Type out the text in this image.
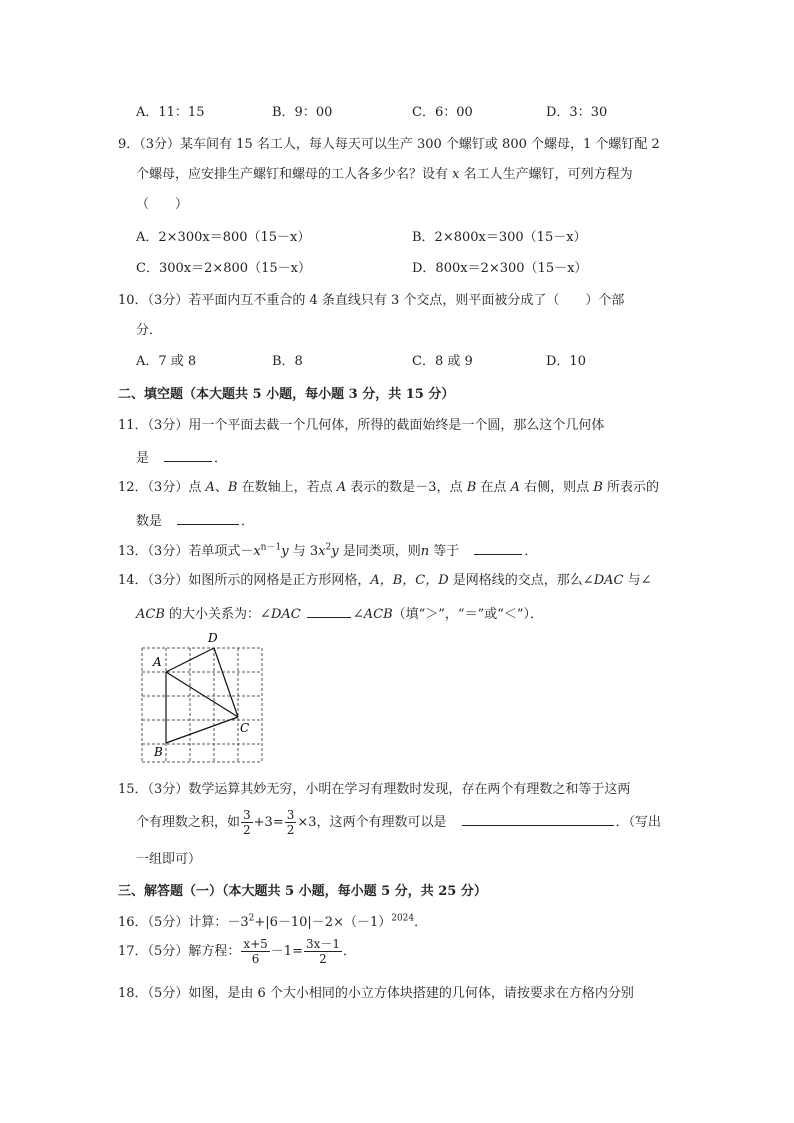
A．11：15	B．9：00	C．6：00	D．3：30
9．（3分）某车间有 15 名工人，每人每天可以生产 300 个螺钉或 800 个螺母，1 个螺钉配 2
个螺母，应安排生产螺钉和螺母的工人各多少名？设有 x 名工人生产螺钉，可列方程为
（　　）
A．2×300x＝800（15－x）	B．2×800x＝300（15－x）
C．300x＝2×800（15－x）	D．800x＝2×300（15－x）
10．（3分）若平面内互不重合的 4 条直线只有 3 个交点，则平面被分成了（　　）个部
分．
A．7 或 8	B．8	C．8 或 9	D．10
二、填空题（本大题共 5 小题，每小题 3 分，共 15 分）
11．（3分）用一个平面去截一个几何体，所得的截面始终是一个圆，那么这个几何体
是　	．
12．（3分）点 A、B 在数轴上，若点 A 表示的数是－3，点 B 在点 A 右侧，则点 B 所表示的
数是　	．
13．（3分）若单项式$-x^{n-1}y$ 与 $3x^2y$ 是同类项，则n 等于　	．
14．（3分）如图所示的网格是正方形网格，A，B，C，D 是网格线的交点，那么∠DAC 与∠
ACB 的大小关系为：∠DAC	∠ACB（填“＞”，“＝”或“＜”）．
D
A
C
B
15．（3分）数学运算其妙无穷，小明在学习有理数时发现，存在两个有理数之和等于这两
个有理数之积，如 $\frac{3}{2} +3= \frac{3}{2} \times 3$，这两个有理数可以是　	．（写出
一组即可）
三、解答题（一）（本大题共 5 小题，每小题 5 分，共 25 分）
16．（5分）计算：$-3^2+|6-10|-2\times(-1)^{2024}$．
17．（5分）解方程： $\frac{x+5}{6} -1= \frac{3x-1}{2}$ ．
18．（5分）如图，是由 6 个大小相同的小立方体块搭建的几何体，请按要求在方格内分别
